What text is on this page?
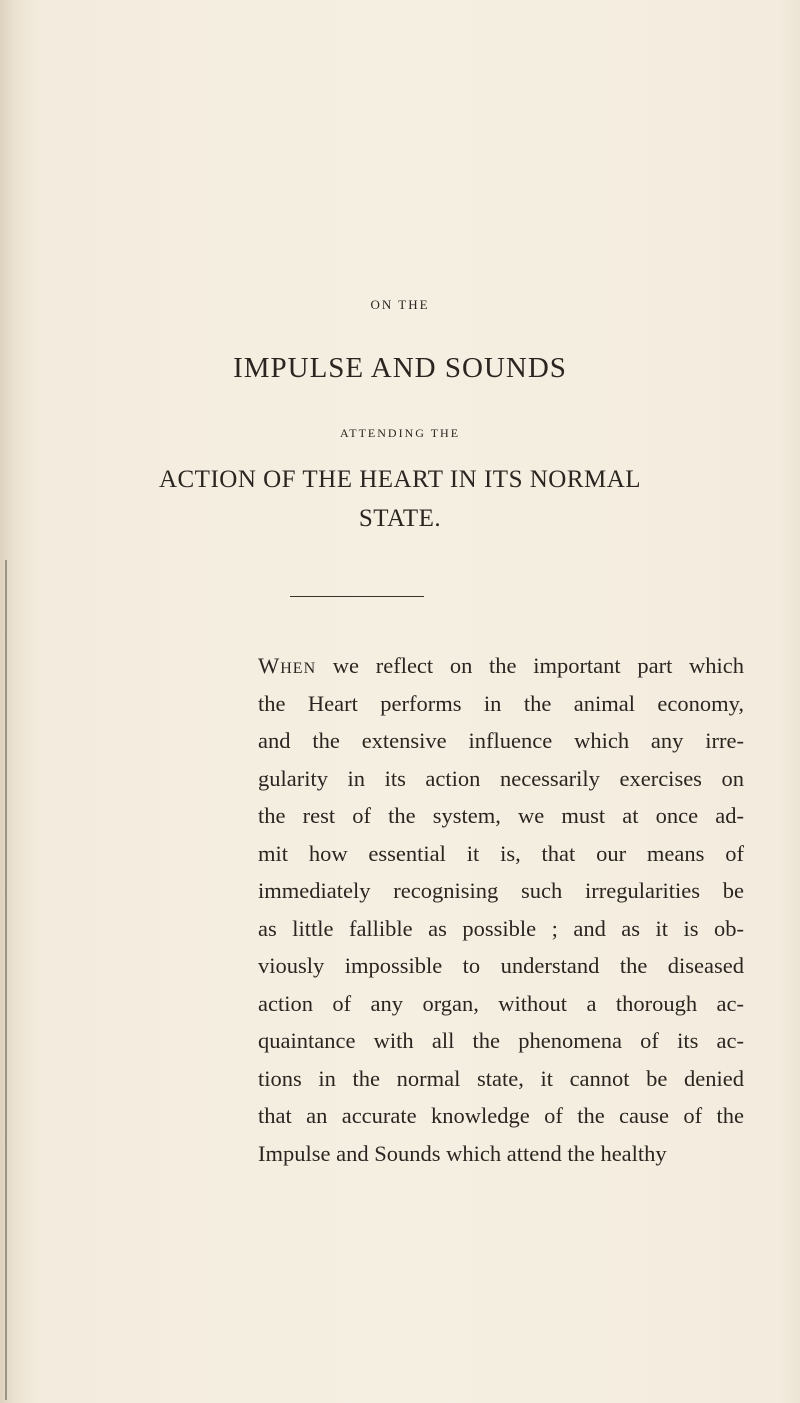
ON THE
IMPULSE AND SOUNDS
ATTENDING THE
ACTION OF THE HEART IN ITS NORMAL
STATE.
When we reflect on the important part which
the Heart performs in the animal economy,
and the extensive influence which any irre-
gularity in its action necessarily exercises on
the rest of the system, we must at once ad-
mit how essential it is, that our means of
immediately recognising such irregularities be
as little fallible as possible ; and as it is ob-
viously impossible to understand the diseased
action of any organ, without a thorough ac-
quaintance with all the phenomena of its ac-
tions in the normal state, it cannot be denied
that an accurate knowledge of the cause of the
Impulse and Sounds which attend the healthy
